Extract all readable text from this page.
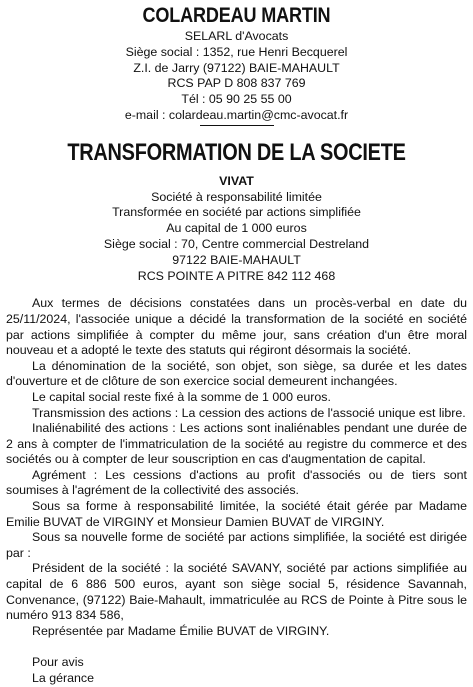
COLARDEAU MARTIN
SELARL d'Avocats
Siège social : 1352, rue Henri Becquerel
Z.I. de Jarry (97122) BAIE-MAHAULT
RCS PAP D 808 837 769
Tél : 05 90 25 55 00
e-mail : colardeau.martin@cmc-avocat.fr
TRANSFORMATION DE LA SOCIETE
VIVAT
Société à responsabilité limitée
Transformée en société par actions simplifiée
Au capital de 1 000 euros
Siège social : 70, Centre commercial Destreland
97122 BAIE-MAHAULT
RCS POINTE A PITRE 842 112 468

Aux termes de décisions constatées dans un procès-verbal en date du 25/11/2024, l'associée unique a décidé la transformation de la société en société par actions simplifiée à compter du même jour, sans création d'un être moral nouveau et a adopté le texte des statuts qui régiront désormais la société.

La dénomination de la société, son objet, son siège, sa durée et les dates d'ouverture et de clôture de son exercice social demeurent inchangées.

Le capital social reste fixé à la somme de 1 000 euros.

Transmission des actions : La cession des actions de l'associé unique est libre.

Inaliénabilité des actions : Les actions sont inaliénables pendant une durée de 2 ans à compter de l'immatriculation de la société au registre du commerce et des sociétés ou à compter de leur souscription en cas d'augmentation de capital.

Agrément : Les cessions d'actions au profit d'associés ou de tiers sont soumises à l'agrément de la collectivité des associés.

Sous sa forme à responsabilité limitée, la société était gérée par Madame Emilie BUVAT de VIRGINY et Monsieur Damien BUVAT de VIRGINY.

Sous sa nouvelle forme de société par actions simplifiée, la société est dirigée par :

Président de la société : la société SAVANY, société par actions simplifiée au capital de 6 886 500 euros, ayant son siège social 5, résidence Savannah, Convenance, (97122) Baie-Mahault, immatriculée au RCS de Pointe à Pitre sous le numéro 913 834 586,

Représentée par Madame Émilie BUVAT de VIRGINY.

Pour avis
La gérance
